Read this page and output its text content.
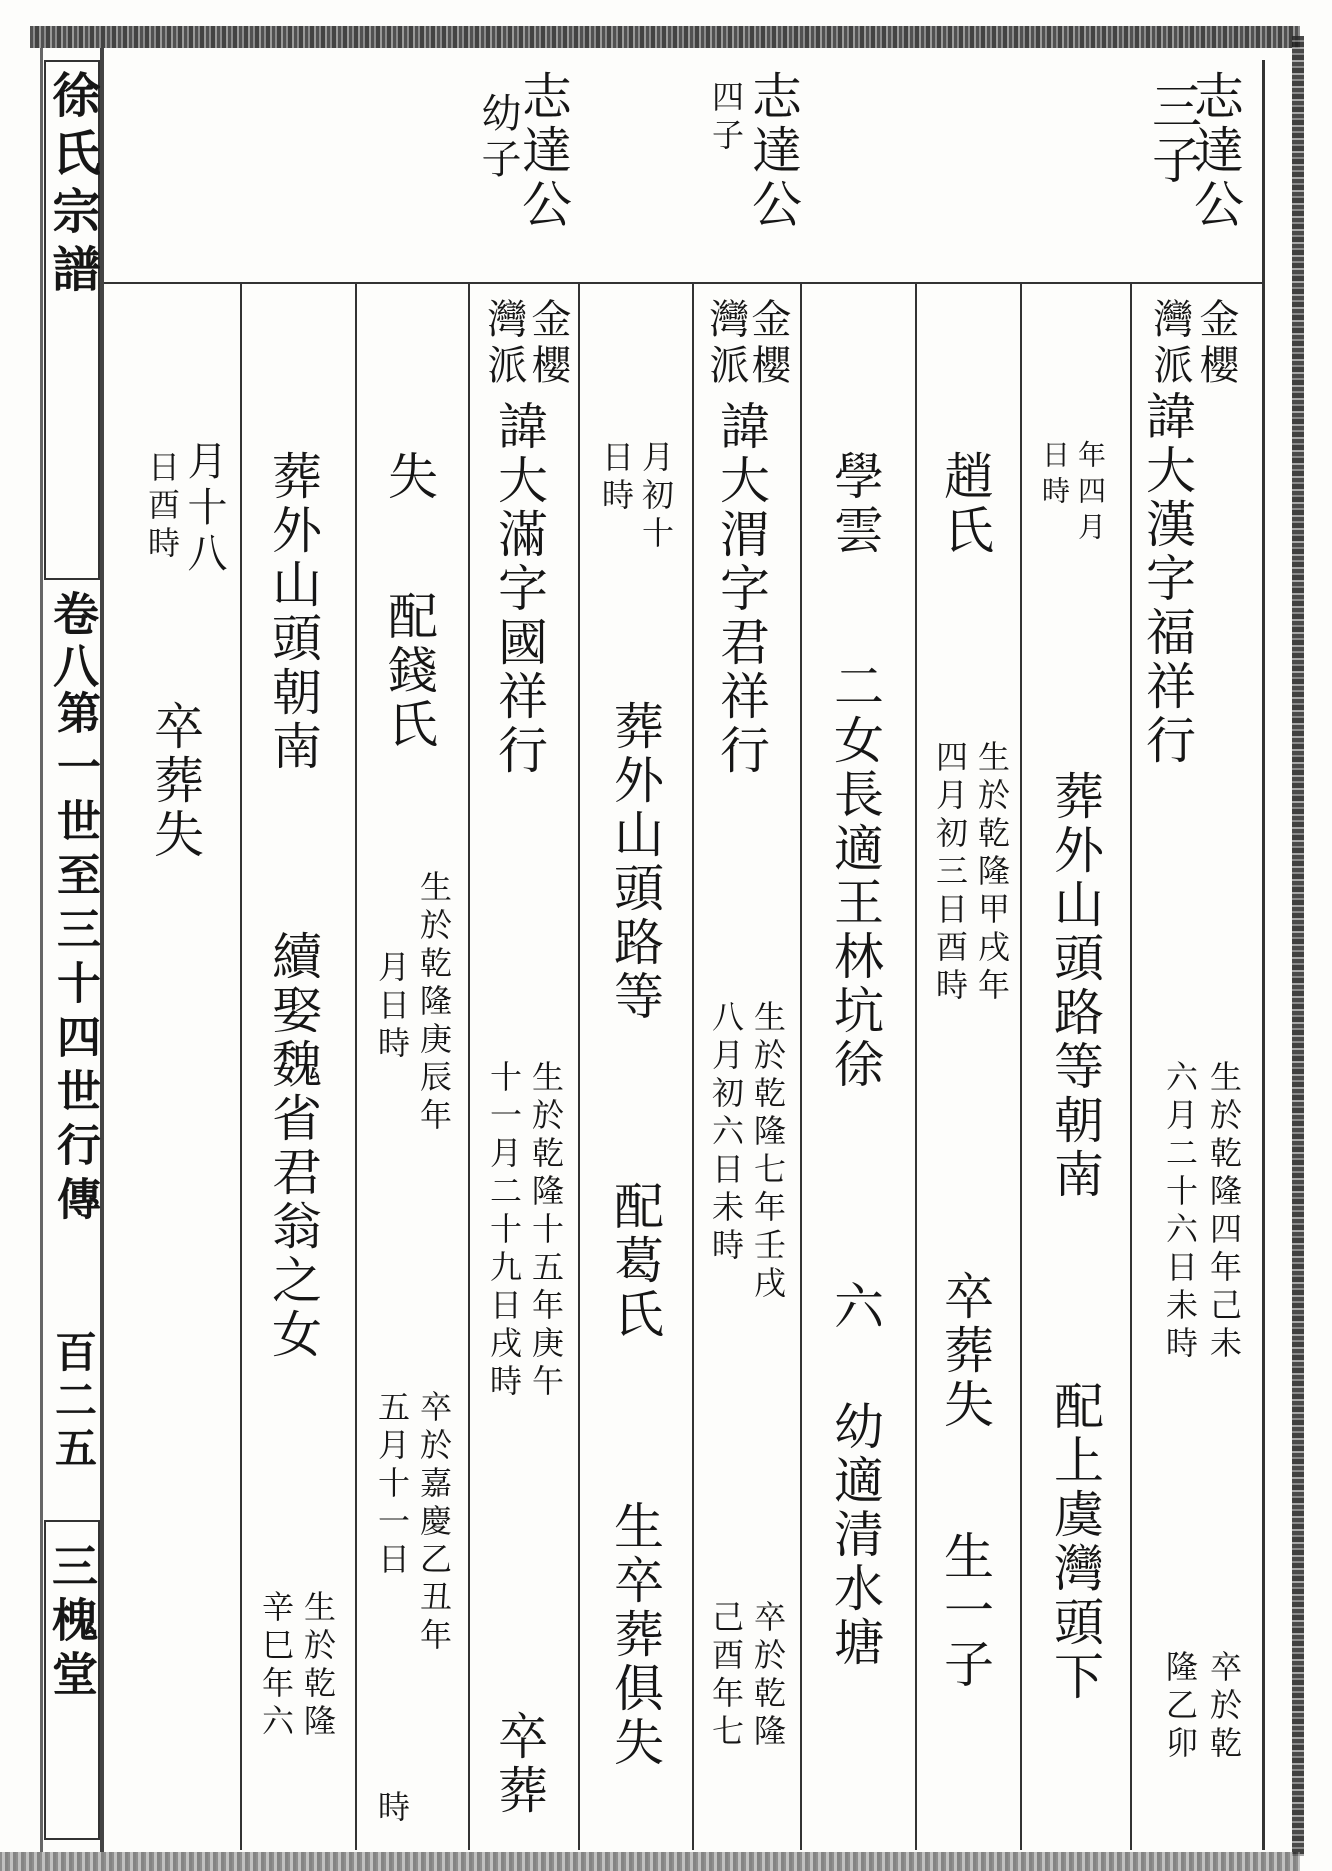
徐氏宗譜
卷八
第一世至三十四世行傳
百二五
三槐堂
志達公
三子
志達公
四子
志達公
幼子
金櫻
灣派
諱大漢字福祥行
生於乾隆四年己未
六月二十六日未時
卒於乾
隆乙卯
年四月
日時
葬外山頭路等朝南
配上虞灣頭下
趙氏
生於乾隆甲戌年
四月初三日酉時
卒葬失
生一子
學雲
二女長適王林坑徐
六
幼適清水塘
金櫻
灣派
諱大渭字君祥行
生於乾隆七年壬戌
八月初六日未時
卒於乾隆
己酉年七
月初十
日時
葬外山頭路等
配葛氏
生卒葬俱失
金櫻
灣派
諱大滿字國祥行
生於乾隆十五年庚午
十一月二十九日戌時
卒葬
失
配錢氏
生於乾隆庚辰年
月日時
卒於嘉慶乙丑年
五月十一日
時
葬外山頭朝南
續娶魏省君翁之女
生於乾隆
辛巳年六
月十八
日酉時
卒葬失
